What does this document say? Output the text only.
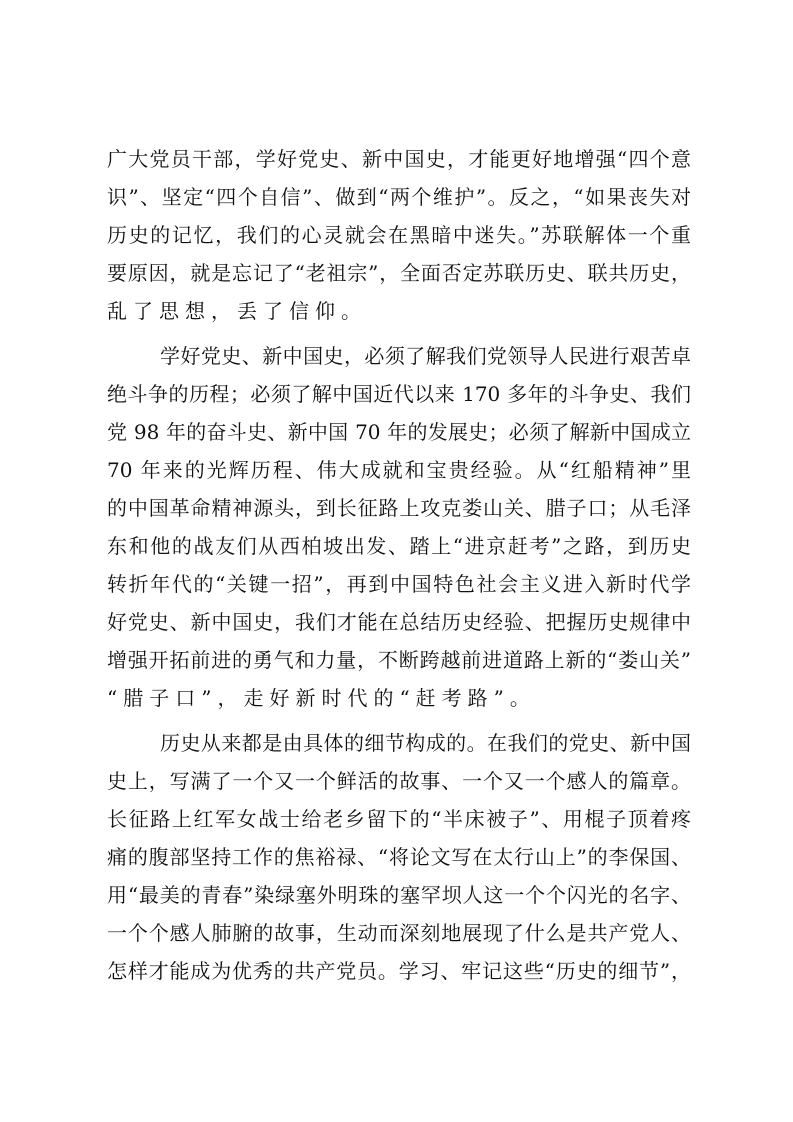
广大党员干部，学好党史、新中国史，才能更好地增强“四个意
识”、坚定“四个自信”、做到“两个维护”。反之，“如果丧失对
历史的记忆，我们的心灵就会在黑暗中迷失。”苏联解体一个重
要原因，就是忘记了“老祖宗”，全面否定苏联历史、联共历史，
乱了思想，丢了信仰。
学好党史、新中国史，必须了解我们党领导人民进行艰苦卓
绝斗争的历程；必须了解中国近代以来 170 多年的斗争史、我们
党 98 年的奋斗史、新中国 70 年的发展史；必须了解新中国成立
70 年来的光辉历程、伟大成就和宝贵经验。从“红船精神”里
的中国革命精神源头，到长征路上攻克娄山关、腊子口；从毛泽
东和他的战友们从西柏坡出发、踏上“进京赶考”之路，到历史
转折年代的“关键一招”，再到中国特色社会主义进入新时代学
好党史、新中国史，我们才能在总结历史经验、把握历史规律中
增强开拓前进的勇气和力量，不断跨越前进道路上新的“娄山关”
“腊子口”，走好新时代的“赶考路”。
历史从来都是由具体的细节构成的。在我们的党史、新中国
史上，写满了一个又一个鲜活的故事、一个又一个感人的篇章。
长征路上红军女战士给老乡留下的“半床被子”、用棍子顶着疼
痛的腹部坚持工作的焦裕禄、“将论文写在太行山上”的李保国、
用“最美的青春”染绿塞外明珠的塞罕坝人这一个个闪光的名字、
一个个感人肺腑的故事，生动而深刻地展现了什么是共产党人、
怎样才能成为优秀的共产党员。学习、牢记这些“历史的细节”，
